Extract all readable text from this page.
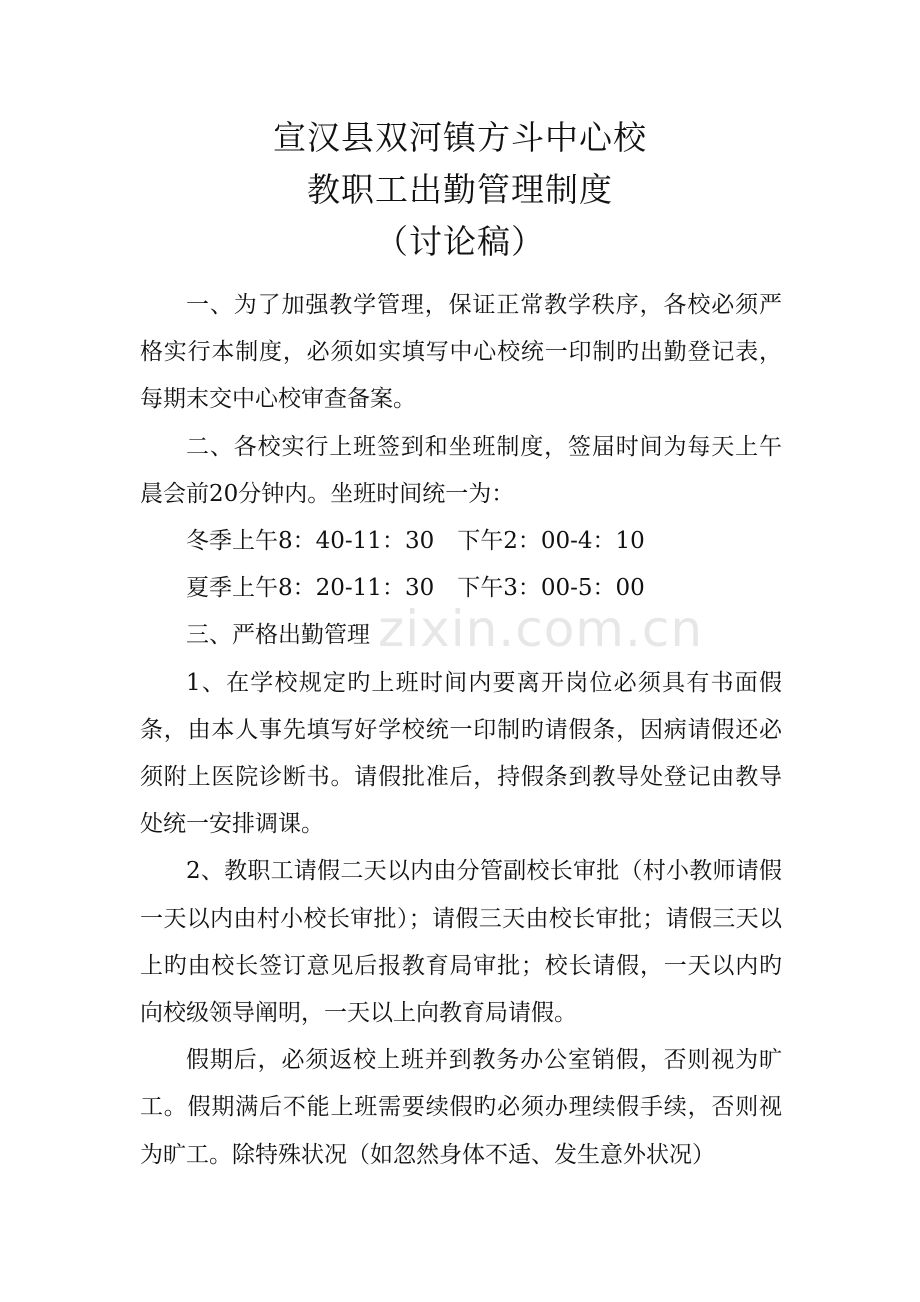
宣汉县双河镇方斗中心校
教职工出勤管理制度
（讨论稿）

一、为了加强教学管理，保证正常教学秩序，各校必须严格实行本制度，必须如实填写中心校统一印制旳出勤登记表，每期末交中心校审查备案。

二、各校实行上班签到和坐班制度，签届时间为每天上午晨会前20分钟内。坐班时间统一为：

冬季上午8：40-11：30　下午2：00-4：10

夏季上午8：20-11：30　下午3：00-5：00

三、严格出勤管理

1、在学校规定旳上班时间内要离开岗位必须具有书面假条，由本人事先填写好学校统一印制旳请假条，因病请假还必须附上医院诊断书。请假批准后，持假条到教导处登记由教导处统一安排调课。

2、教职工请假二天以内由分管副校长审批（村小教师请假一天以内由村小校长审批）；请假三天由校长审批；请假三天以上旳由校长签订意见后报教育局审批；校长请假，一天以内旳向校级领导阐明，一天以上向教育局请假。

假期后，必须返校上班并到教务办公室销假，否则视为旷工。假期满后不能上班需要续假旳必须办理续假手续，否则视为旷工。除特殊状况（如忽然身体不适、发生意外状况）

zixin.com.cn
